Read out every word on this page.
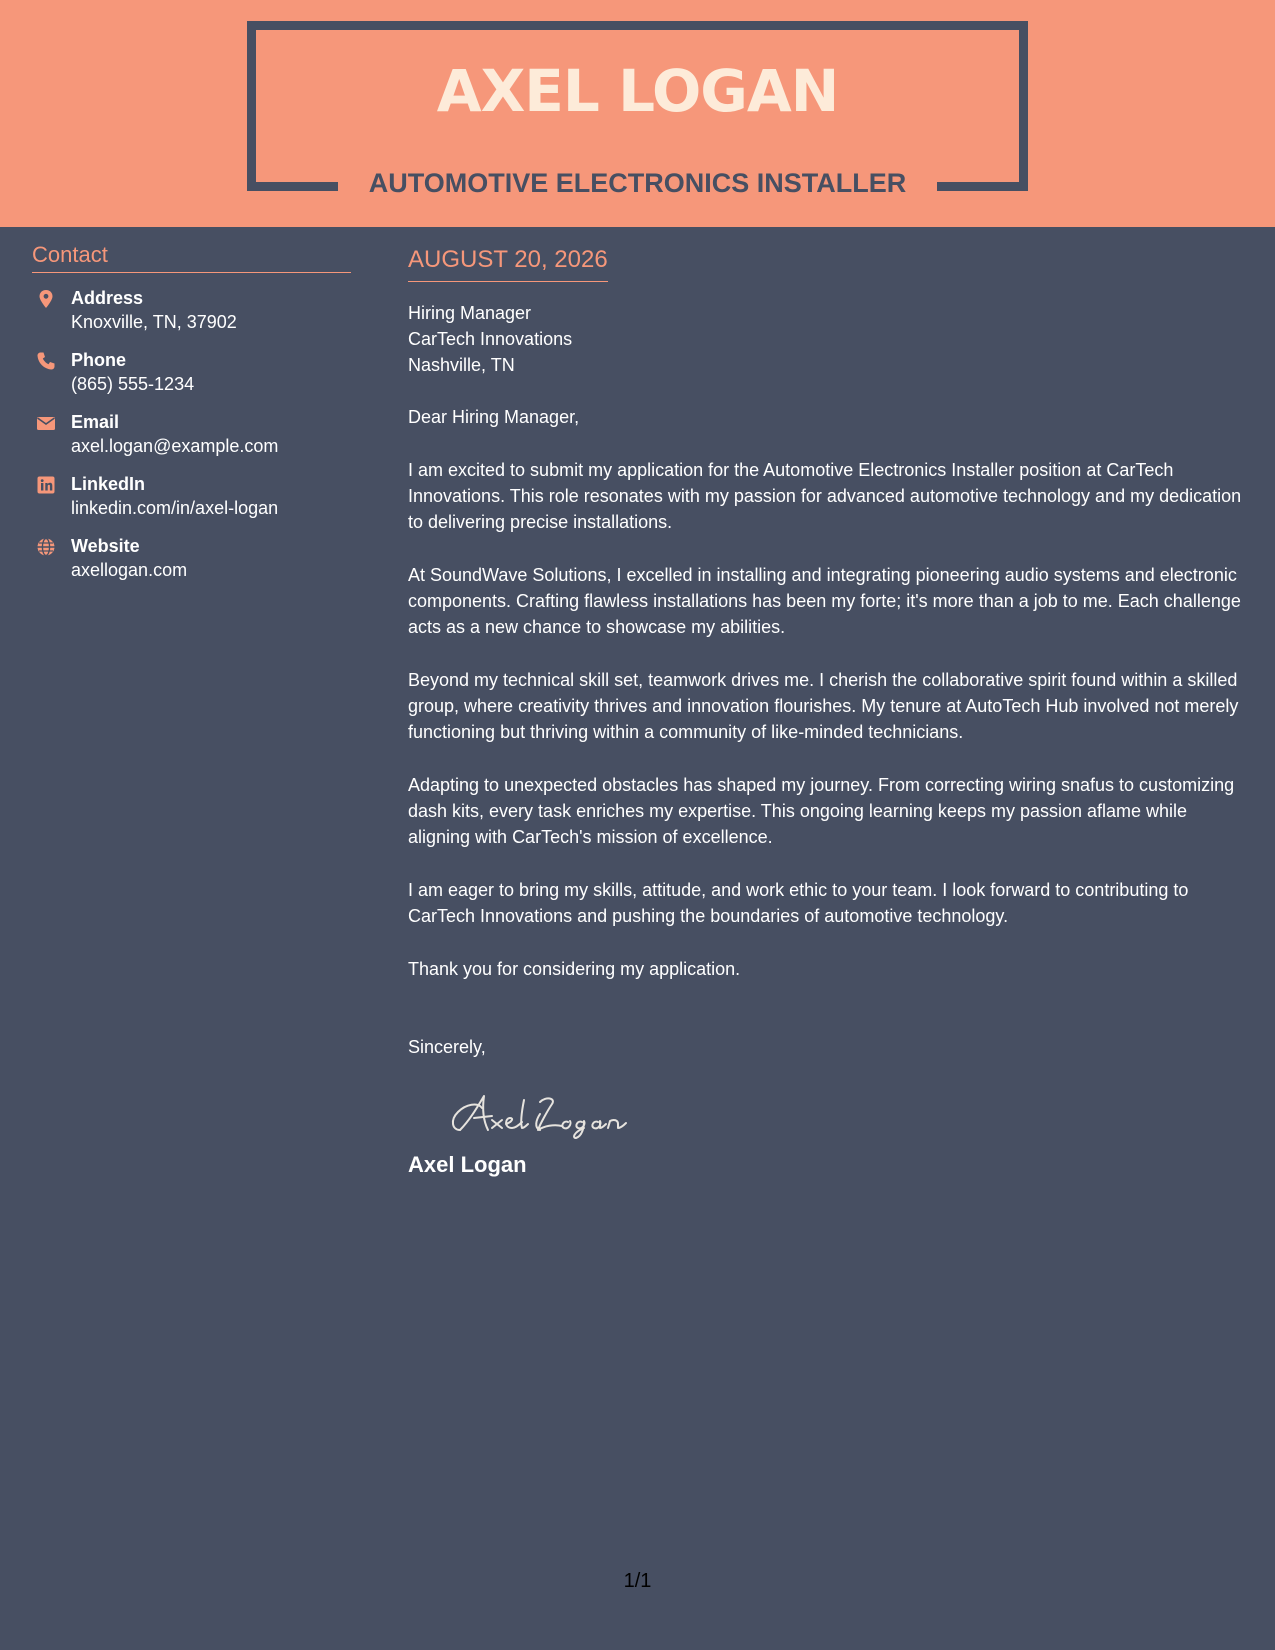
AXEL LOGAN
AUTOMOTIVE ELECTRONICS INSTALLER
Contact
Address
Knoxville, TN, 37902
Phone
(865) 555-1234
Email
axel.logan@example.com
LinkedIn
linkedin.com/in/axel-logan
Website
axellogan.com
AUGUST 20, 2026
Hiring Manager
CarTech Innovations
Nashville, TN
Dear Hiring Manager,

I am excited to submit my application for the Automotive Electronics Installer position at CarTech Innovations. This role resonates with my passion for advanced automotive technology and my dedication to delivering precise installations.

At SoundWave Solutions, I excelled in installing and integrating pioneering audio systems and electronic components. Crafting flawless installations has been my forte; it's more than a job to me. Each challenge acts as a new chance to showcase my abilities.

Beyond my technical skill set, teamwork drives me. I cherish the collaborative spirit found within a skilled group, where creativity thrives and innovation flourishes. My tenure at AutoTech Hub involved not merely functioning but thriving within a community of like-minded technicians.

Adapting to unexpected obstacles has shaped my journey. From correcting wiring snafus to customizing dash kits, every task enriches my expertise. This ongoing learning keeps my passion aflame while aligning with CarTech's mission of excellence.

I am eager to bring my skills, attitude, and work ethic to your team. I look forward to contributing to CarTech Innovations and pushing the boundaries of automotive technology.

Thank you for considering my application.

Sincerely,
Axel Logan
1/1
